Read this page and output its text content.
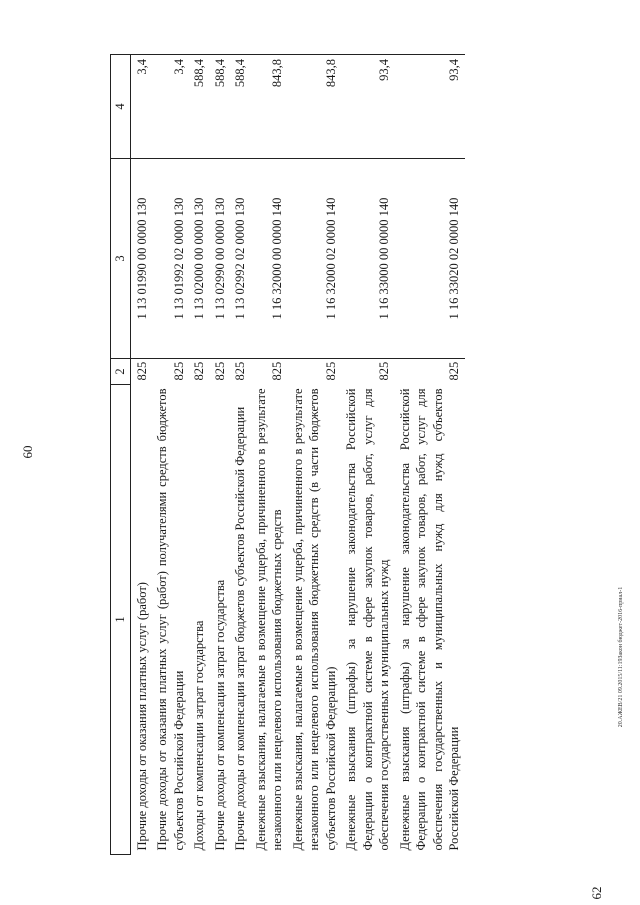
60
62
20.АЖЕВ/21 09.2015/11:19Закон бюджет-2016-приал-1
1	2	3	4
Прочие доходы от оказания платных услуг (работ)	825	1 13 01990 00 0000 130	3,4
Прочие доходы от оказания платных услуг (работ) получателями средств бюджетов субъектов Российской Федерации	825	1 13 01992 02 0000 130	3,4
Доходы от компенсации затрат государства	825	1 13 02000 00 0000 130	588,4
Прочие доходы от компенсации затрат государства	825	1 13 02990 00 0000 130	588,4
Прочие доходы от компенсации затрат бюджетов субъектов Российской Федерации	825	1 13 02992 02 0000 130	588,4
Денежные взыскания, налагаемые в возмещение ущерба, причиненного в результате незаконного или нецелевого использования бюджетных средств	825	1 16 32000 00 0000 140	843,8
Денежные взыскания, налагаемые в возмещение ущерба, причиненного в результате незаконного или нецелевого использования бюджетных средств (в части бюджетов субъектов Российской Федерации)	825	1 16 32000 02 0000 140	843,8
Денежные взыскания (штрафы) за нарушение законодательства Российской Федерации о контрактной системе в сфере закупок товаров, работ, услуг для обеспечения государственных и муниципальных нужд	825	1 16 33000 00 0000 140	93,4
Денежные взыскания (штрафы) за нарушение законодательства Российской Федерации о контрактной системе в сфере закупок товаров, работ, услуг для обеспечения государственных и муниципальных нужд для нужд субъектов Российской Федерации	825	1 16 33020 02 0000 140	93,4
